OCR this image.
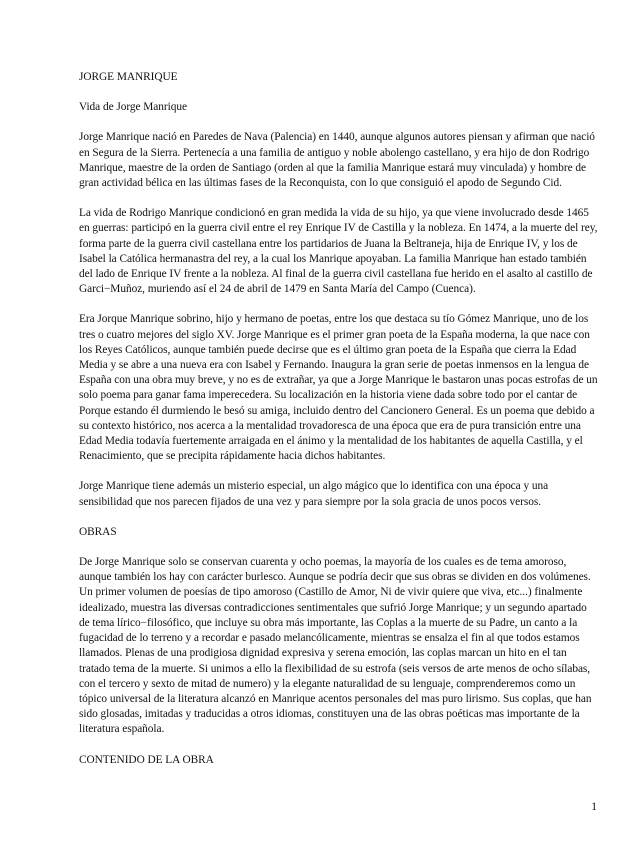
JORGE MANRIQUE

Vida de Jorge Manrique

Jorge Manrique nació en Paredes de Nava (Palencia) en 1440, aunque algunos autores piensan y afirman que nació en Segura de la Sierra. Pertenecía a una familia de antiguo y noble abolengo castellano, y era hijo de don Rodrigo Manrique, maestre de la orden de Santiago (orden al que la familia Manrique estará muy vinculada) y hombre de gran actividad bélica en las últimas fases de la Reconquista, con lo que consiguió el apodo de Segundo Cid.

La vida de Rodrigo Manrique condicionó en gran medida la vida de su hijo, ya que viene involucrado desde 1465 en guerras: participó en la guerra civil entre el rey Enrique IV de Castilla y la nobleza. En 1474, a la muerte del rey, forma parte de la guerra civil castellana entre los partidarios de Juana la Beltraneja, hija de Enrique IV, y los de Isabel la Católica hermanastra del rey, a la cual los Manrique apoyaban. La familia Manrique han estado también del lado de Enrique IV frente a la nobleza. Al final de la guerra civil castellana fue herido en el asalto al castillo de Garci−Muñoz, muriendo así el 24 de abril de 1479 en Santa María del Campo (Cuenca).

Era Jorque Manrique sobrino, hijo y hermano de poetas, entre los que destaca su tío Gómez Manrique, uno de los tres o cuatro mejores del siglo XV. Jorge Manrique es el primer gran poeta de la España moderna, la que nace con los Reyes Católicos, aunque también puede decirse que es el último gran poeta de la España que cierra la Edad Media y se abre a una nueva era con Isabel y Fernando. Inaugura la gran serie de poetas inmensos en la lengua de España con una obra muy breve, y no es de extrañar, ya que a Jorge Manrique le bastaron unas pocas estrofas de un solo poema para ganar fama imperecedera. Su localización en la historia viene dada sobre todo por el cantar de Porque estando él durmiendo le besó su amiga, incluido dentro del Cancionero General. Es un poema que debido a su contexto histórico, nos acerca a la mentalidad trovadoresca de una época que era de pura transición entre una Edad Media todavía fuertemente arraigada en el ánimo y la mentalidad de los habitantes de aquella Castilla, y el Renacimiento, que se precipita rápidamente hacia dichos habitantes.

Jorge Manrique tiene además un misterio especial, un algo mágico que lo identifica con una época y una sensibilidad que nos parecen fijados de una vez y para siempre por la sola gracia de unos pocos versos.

OBRAS

De Jorge Manrique solo se conservan cuarenta y ocho poemas, la mayoría de los cuales es de tema amoroso, aunque también los hay con carácter burlesco. Aunque se podría decir que sus obras se dividen en dos volúmenes. Un primer volumen de poesías de tipo amoroso (Castillo de Amor, Ni de vivir quiere que viva, etc...) finalmente idealizado, muestra las diversas contradicciones sentimentales que sufrió Jorge Manrique; y un segundo apartado de tema lírico−filosófico, que incluye su obra más importante, las Coplas a la muerte de su Padre, un canto a la fugacidad de lo terreno y a recordar e pasado melancólicamente, mientras se ensalza el fin al que todos estamos llamados. Plenas de una prodigiosa dignidad expresiva y serena emoción, las coplas marcan un hito en el tan tratado tema de la muerte. Si unimos a ello la flexibilidad de su estrofa (seis versos de arte menos de ocho sílabas, con el tercero y sexto de mitad de numero) y la elegante naturalidad de su lenguaje, comprenderemos como un tópico universal de la literatura alcanzó en Manrique acentos personales del mas puro lirismo. Sus coplas, que han sido glosadas, imitadas y traducidas a otros idiomas, constituyen una de las obras poéticas mas importante de la literatura española.

CONTENIDO DE LA OBRA

1
